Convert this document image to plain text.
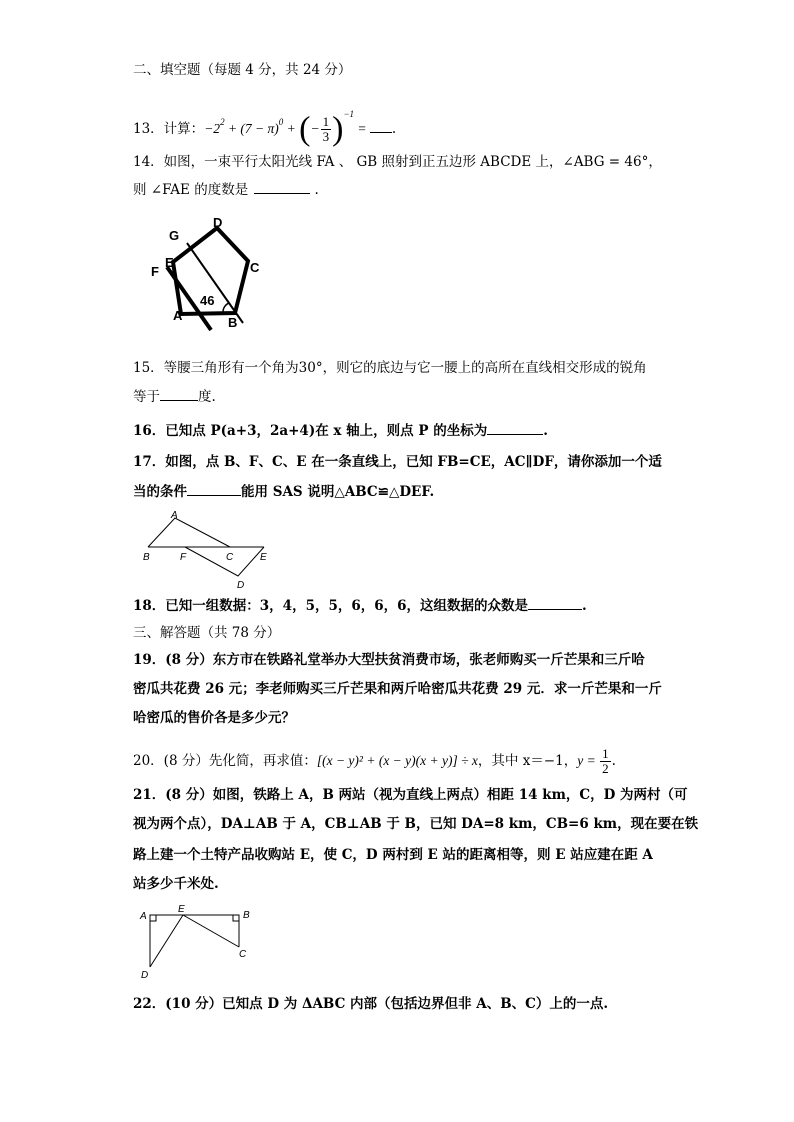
二、填空题（每题 4 分，共 24 分）
13．计算：$-2^2 + (7 - \pi)^0$ + (− $\frac{1}{3} )^{-1}$ = .
14．如图，一束平行太阳光线 FA 、 GB 照射到正五边形 ABCDE 上，∠ABG = 46°，
则 ∠FAE 的度数是	.
D
G
E	C
F
A	B
46
15．等腰三角形有一个角为30°，则它的底边与它一腰上的高所在直线相交形成的锐角
等于	度.
16．已知点 P(a+3，2a+4)在 x 轴上，则点 P 的坐标为	.
17．如图，点 B、F、C、E 在一条直线上，已知 FB=CE，AC∥DF，请你添加一个适
当的条件	能用 SAS 说明△ABC≌△DEF.
A
B	F	C	E
D
18．已知一组数据：3，4，5，5，6，6，6，这组数据的众数是	.
三、解答题（共 78 分）
19．(8 分）东方市在铁路礼堂举办大型扶贫消费市场，张老师购买一斤芒果和三斤哈
密瓜共花费 26 元；李老师购买三斤芒果和两斤哈密瓜共花费 29 元．求一斤芒果和一斤
哈密瓜的售价各是多少元？
20．(8 分）先化简，再求值：[(x − y)² + (x − y)(x + y)] ÷ x，其中 x＝−1，$y = \frac{1}{2}$ .
21．(8 分）如图，铁路上 A，B 两站（视为直线上两点）相距 14 km，C，D 为两村（可
视为两个点），DA⊥AB 于 A，CB⊥AB 于 B，已知 DA=8 km，CB=6 km，现在要在铁
路上建一个土特产品收购站 E，使 C，D 两村到 E 站的距离相等，则 E 站应建在距 A
站多少千米处.
A
E
B
C
D
22．(10 分）已知点 D 为 ΔABC 内部（包括边界但非 A、B、C）上的一点.
